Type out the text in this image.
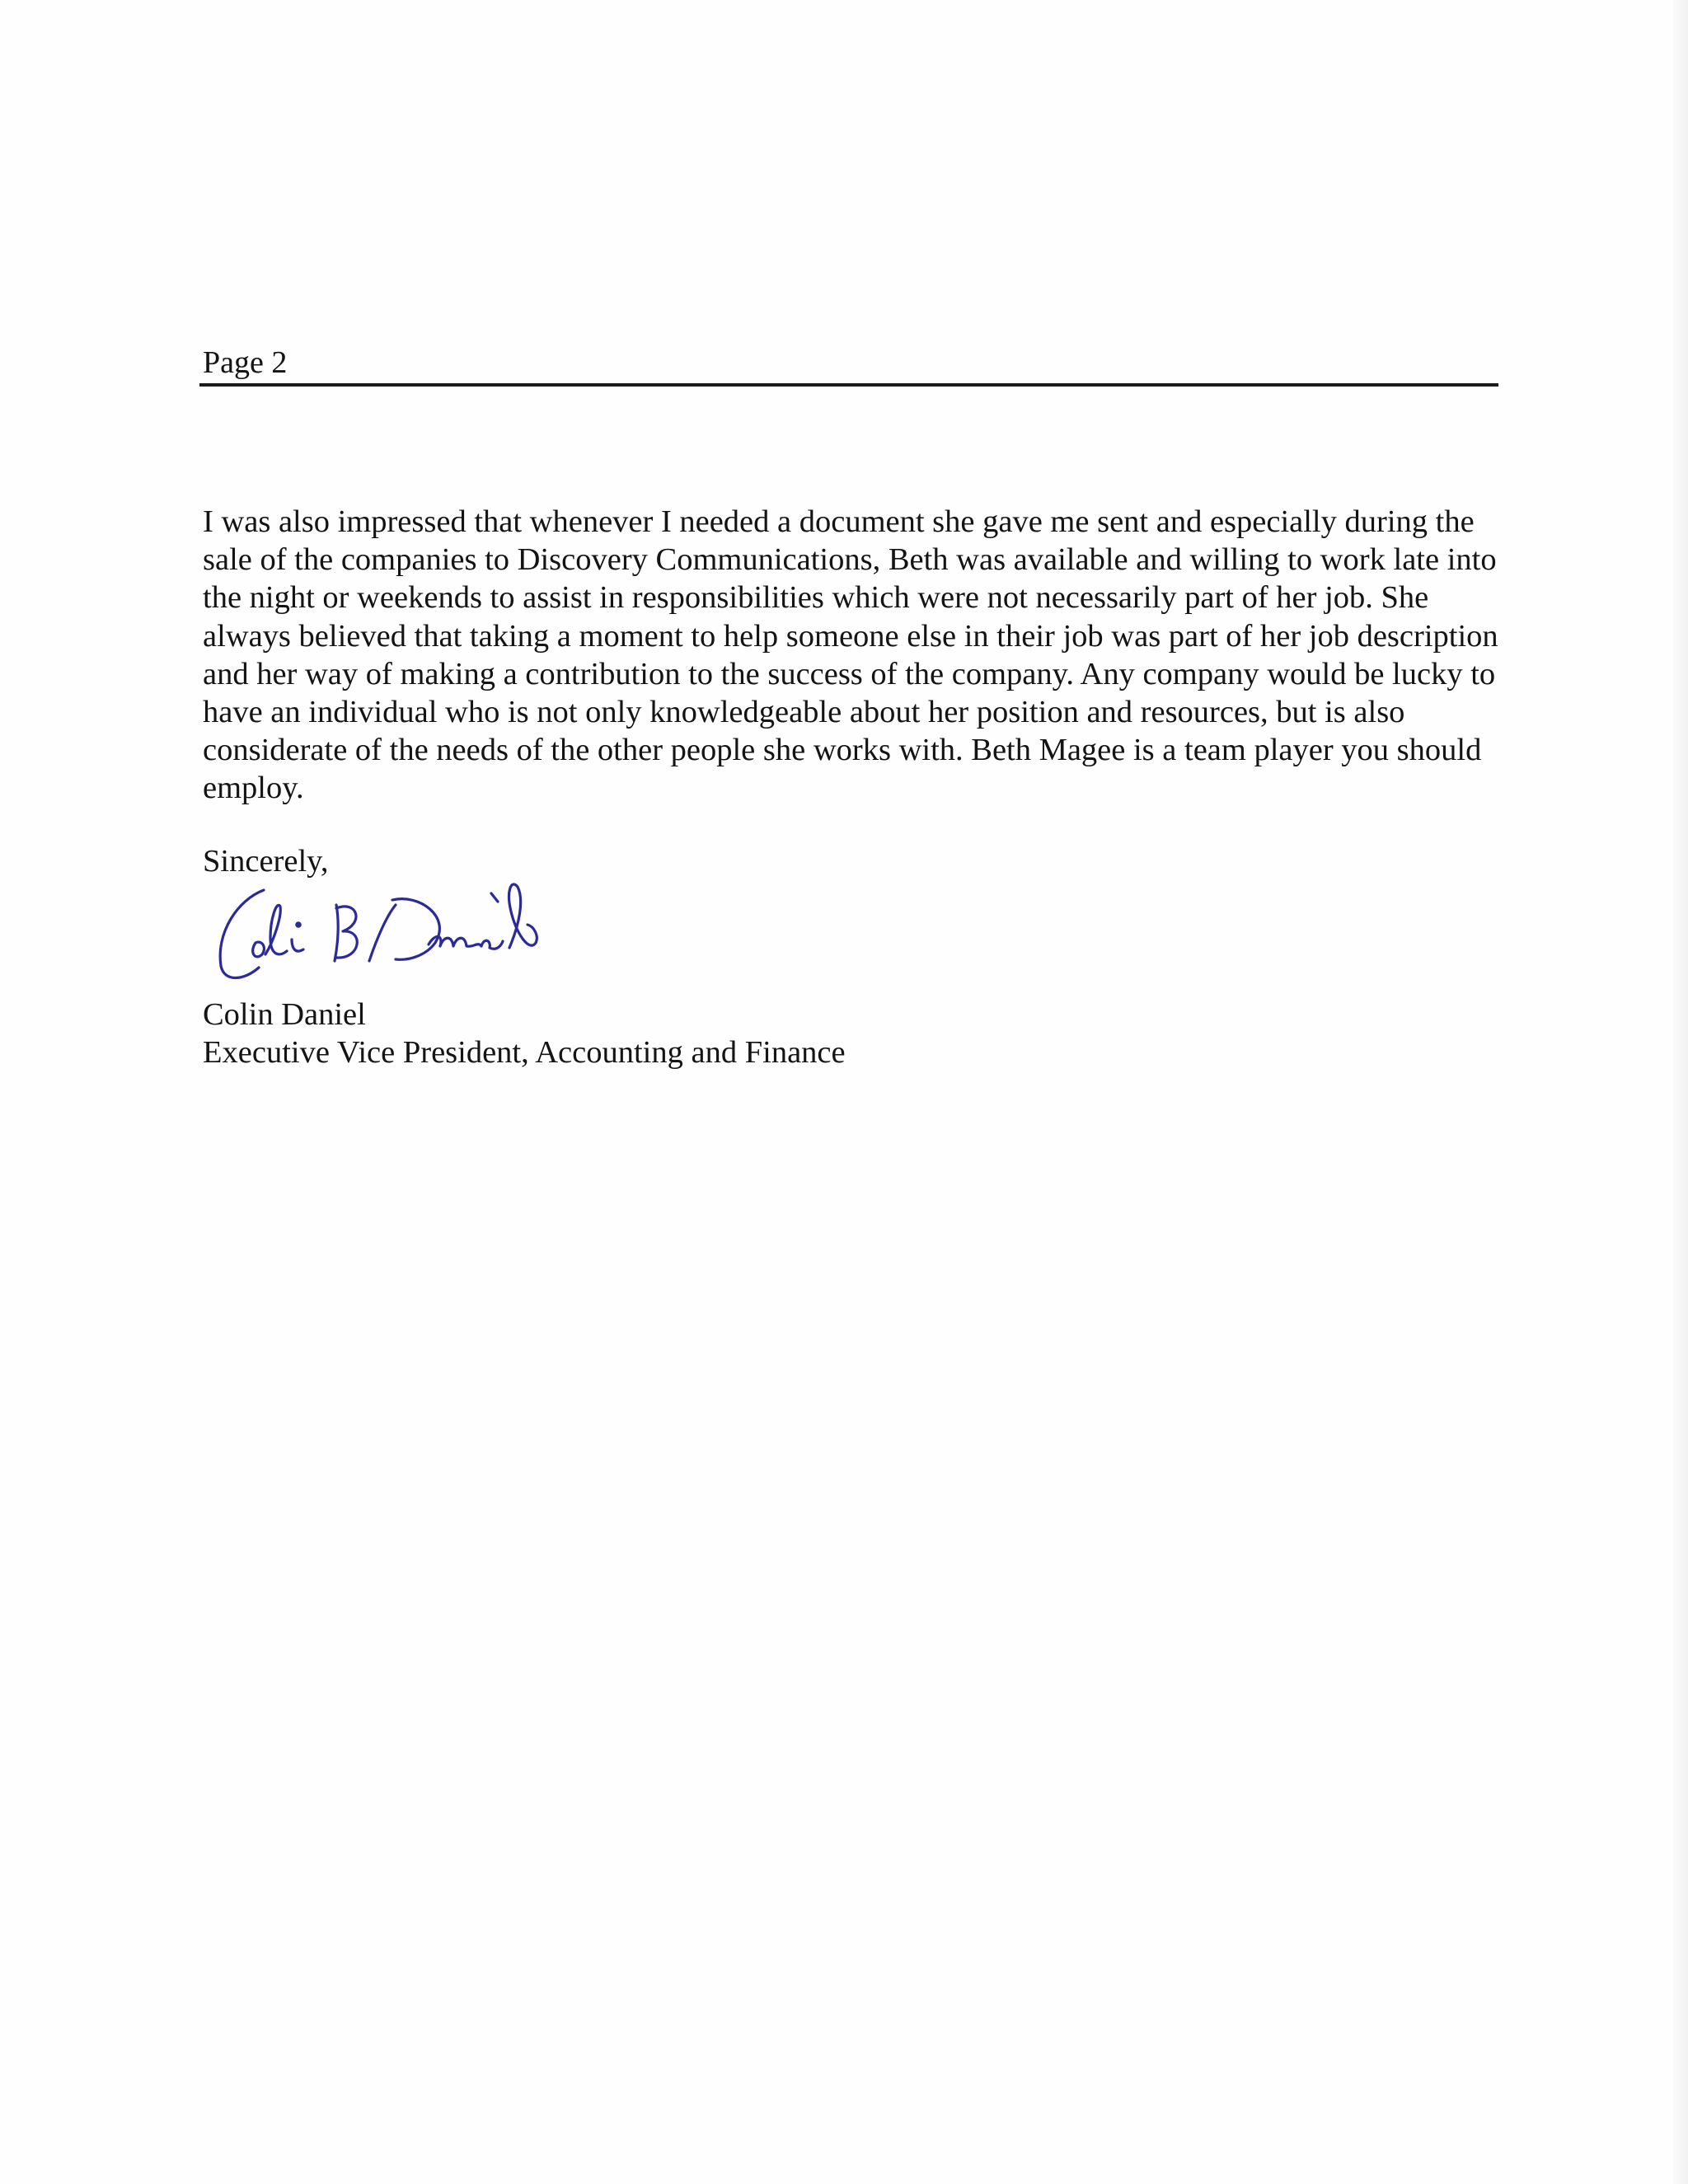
Page 2

I was also impressed that whenever I needed a document she gave me sent and especially during the sale of the companies to Discovery Communications, Beth was available and willing to work late into the night or weekends to assist in responsibilities which were not necessarily part of her job. She always believed that taking a moment to help someone else in their job was part of her job description and her way of making a contribution to the success of the company. Any company would be lucky to have an individual who is not only knowledgeable about her position and resources, but is also considerate of the needs of the other people she works with. Beth Magee is a team player you should employ.

Sincerely,
Colin Daniel
Executive Vice President, Accounting and Finance
